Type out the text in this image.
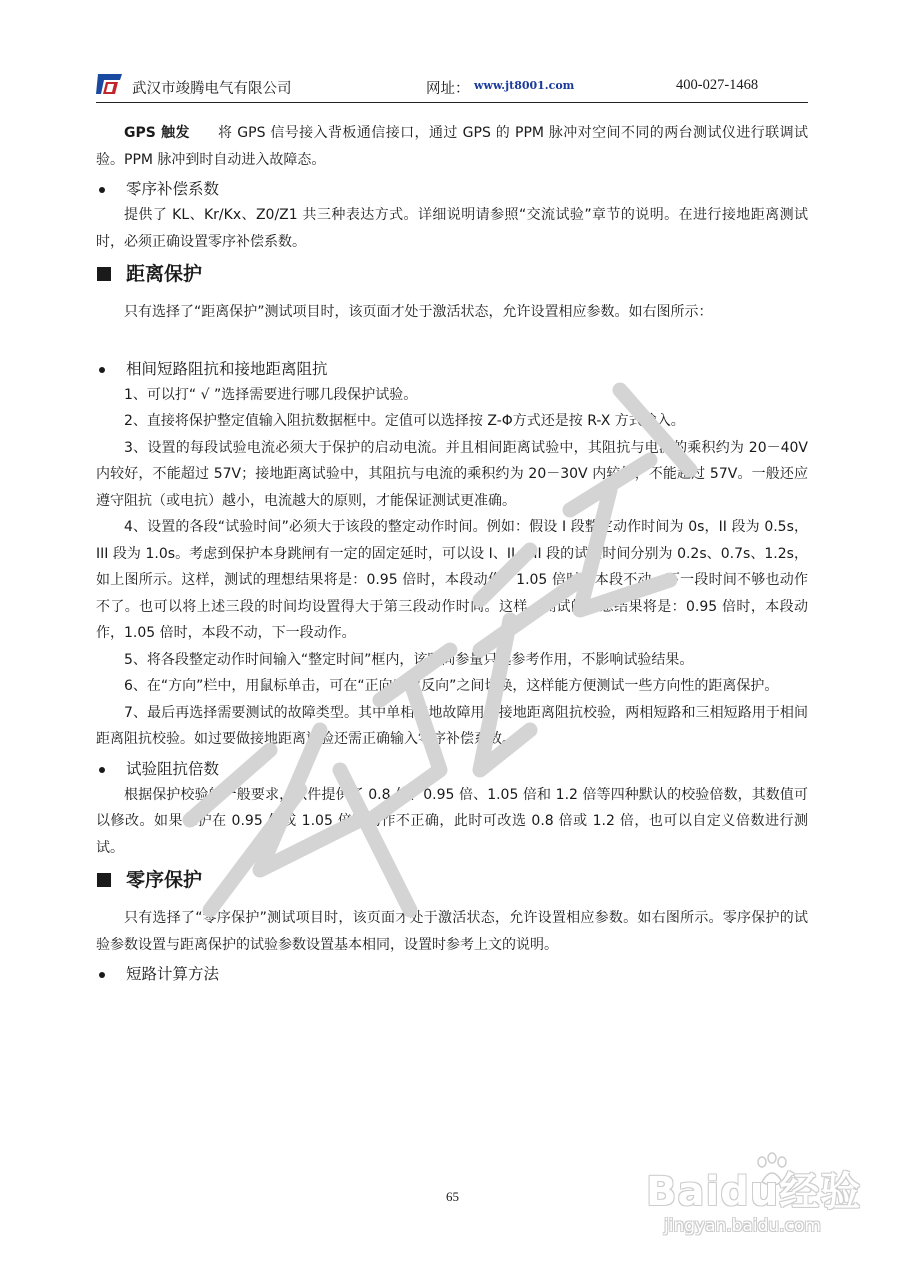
武汉市竣腾电气有限公司	网址： www.jt8001.com	400-027-1468

GPS 触发 将 GPS 信号接入背板通信接口，通过 GPS 的 PPM 脉冲对空间不同的两台测试仪进行联调试验。PPM 脉冲到时自动进入故障态。

零序补偿系数

提供了 KL、Kr/Kx、Z0/Z1 共三种表达方式。详细说明请参照“交流试验”章节的说明。在进行接地距离测试时，必须正确设置零序补偿系数。

距离保护

只有选择了“距离保护”测试项目时，该页面才处于激活状态，允许设置相应参数。如右图所示：

相间短路阻抗和接地距离阻抗

1、可以打“ √ ”选择需要进行哪几段保护试验。

2、直接将保护整定值输入阻抗数据框中。定值可以选择按 Z-Φ方式还是按 R-X 方式输入。

3、设置的每段试验电流必须大于保护的启动电流。并且相间距离试验中，其阻抗与电流的乘积约为 20－40V 内较好，不能超过 57V；接地距离试验中，其阻抗与电流的乘积约为 20－30V 内较好，不能超过 57V。一般还应遵守阻抗（或电抗）越小，电流越大的原则，才能保证测试更准确。

4、设置的各段“试验时间”必须大于该段的整定动作时间。例如：假设 I 段整定动作时间为 0s，II 段为 0.5s，III 段为 1.0s。考虑到保护本身跳闸有一定的固定延时，可以设 I、II、III 段的试验时间分别为 0.2s、0.7s、1.2s，如上图所示。这样，测试的理想结果将是：0.95 倍时，本段动作，1.05 倍时，本段不动，下一段时间不够也动作不了。也可以将上述三段的时间均设置得大于第三段动作时间。这样，测试的理想结果将是：0.95 倍时，本段动作，1.05 倍时，本段不动，下一段动作。

5、将各段整定动作时间输入“整定时间”框内，该时间参量只起参考作用，不影响试验结果。

6、在“方向”栏中，用鼠标单击，可在“正向”与“反向”之间切换，这样能方便测试一些方向性的距离保护。

7、最后再选择需要测试的故障类型。其中单相接地故障用于接地距离阻抗校验，两相短路和三相短路用于相间距离阻抗校验。如过要做接地距离试验还需正确输入零序补偿系数。

试验阻抗倍数

根据保护校验的一般要求，软件提供了 0.8 倍、0.95 倍、1.05 倍和 1.2 倍等四种默认的校验倍数，其数值可以修改。如果保护在 0.95 倍或 1.05 倍下动作不正确，此时可改选 0.8 倍或 1.2 倍，也可以自定义倍数进行测试。

零序保护

只有选择了“零序保护”测试项目时，该页面才处于激活状态，允许设置相应参数。如右图所示。零序保护的试验参数设置与距离保护的试验参数设置基本相同，设置时参考上文的说明。

短路计算方法
65	Baidu经验
jingyan.baidu.com
